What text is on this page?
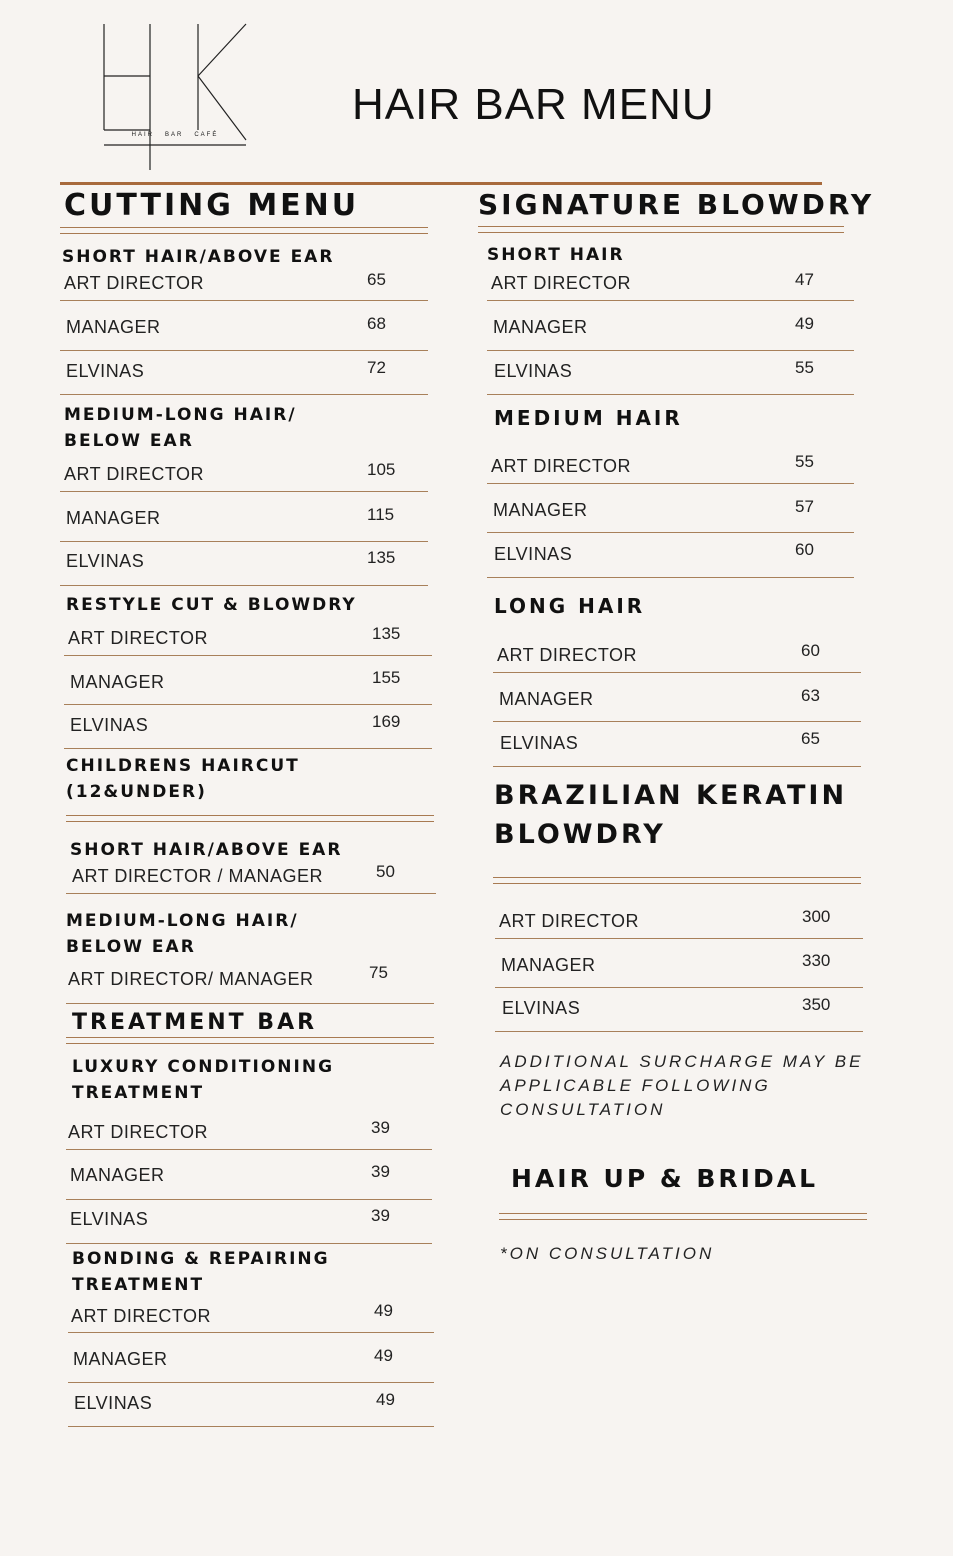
HAIR   BAR   CAFÉ
HAIR BAR MENU
CUTTING MENU
SHORT HAIR/ABOVE EAR
ART DIRECTOR	65
MANAGER	68
ELVINAS	72
MEDIUM-LONG HAIR/
BELOW EAR
ART DIRECTOR	105
MANAGER	115
ELVINAS	135
RESTYLE CUT & BLOWDRY
ART DIRECTOR	135
MANAGER	155
ELVINAS	169
CHILDRENS HAIRCUT
(12&UNDER)
SHORT HAIR/ABOVE EAR
ART DIRECTOR / MANAGER	50
MEDIUM-LONG HAIR/
BELOW EAR
ART DIRECTOR/ MANAGER	75
TREATMENT BAR
LUXURY CONDITIONING
TREATMENT
ART DIRECTOR	39
MANAGER	39
ELVINAS	39
BONDING & REPAIRING
TREATMENT
ART DIRECTOR	49
MANAGER	49
ELVINAS	49
SIGNATURE BLOWDRY
SHORT HAIR
ART DIRECTOR	47
MANAGER	49
ELVINAS	55
MEDIUM HAIR
ART DIRECTOR	55
MANAGER	57
ELVINAS	60
LONG HAIR
ART DIRECTOR	60
MANAGER	63
ELVINAS	65
BRAZILIAN KERATIN
BLOWDRY
ART DIRECTOR	300
MANAGER	330
ELVINAS	350
ADDITIONAL SURCHARGE MAY BE APPLICABLE FOLLOWING CONSULTATION
HAIR UP & BRIDAL
*ON CONSULTATION
